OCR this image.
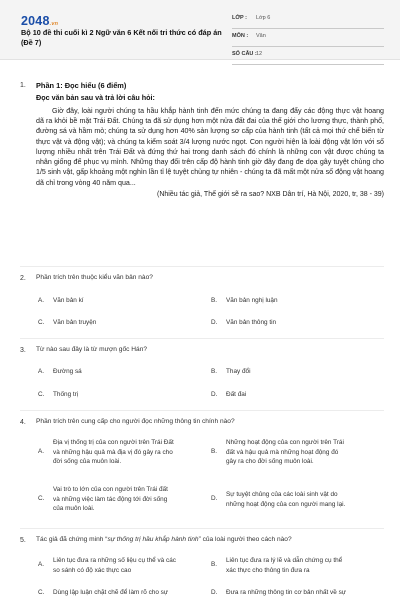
2048.vn
Bộ 10 đề thi cuối kì 2 Ngữ văn 6 Kết nối tri thức có đáp án (Đề 7)
LỚP : Lớp 6
MÔN : Văn
SỐ CÂU : 12
1. Phần 1: Đọc hiểu (6 điểm)
Đọc văn bản sau và trả lời câu hỏi:
Giờ đây, loài người chúng ta hầu khắp hành tinh đến mức chúng ta đang đẩy các động thực vật hoang dã ra khỏi bề mặt Trái Đất. Chúng ta đã sử dụng hơn một nửa đất đai của thế giới cho lương thực, thành phố, đường sá và hầm mỏ; chúng ta sử dụng hơn 40% sản lượng sơ cấp của hành tinh (tất cả mọi thứ chế biến từ thực vật và động vật); và chúng ta kiểm soát 3/4 lượng nước ngọt. Con người hiện là loài động vật lớn với số lượng nhiều nhất trên Trái Đất và đứng thứ hai trong danh sách đó chính là những con vật được chúng ta nhân giống để phục vụ mình. Những thay đổi trên cấp độ hành tinh giờ đây đang đe dọa gây tuyệt chủng cho 1/5 sinh vật, gấp khoảng một nghìn lần tỉ lệ tuyệt chủng tự nhiên - chúng ta đã mất một nửa số động vật hoang dã chỉ trong vòng 40 năm qua...
(Nhiều tác giả, Thế giới sẽ ra sao? NXB Dân trí, Hà Nội, 2020, tr, 38 - 39)
2. Phần trích trên thuộc kiểu văn bản nào?
A. Văn bản kí	B. Văn bản nghị luận
C. Văn bản truyện	D. Văn bản thông tin
3. Từ nào sau đây là từ mượn gốc Hán?
A. Đường sá	B. Thay đổi
C. Thống trị	D. Đất đai
4. Phần trích trên cung cấp cho người đọc những thông tin chính nào?
A.
Địa vị thống trị của con người trên Trái Đất
và những hậu quả mà địa vị đó gây ra cho
đời sống của muôn loài.
B.
Những hoạt động của con người trên Trái
đất và hậu quả mà những hoạt động đó
gây ra cho đời sống muôn loài.
C.
Vai trò to lớn của con người trên Trái đất
và những việc làm tác động tới đời sống
của muôn loài.
D.
Sự tuyệt chủng của các loài sinh vật do
những hoạt động của con người mang lại.
5. Tác giả đã chứng minh “sự thống trị hầu khắp hành tinh” của loài người theo cách nào?
A.
Liên tục đưa ra những số liệu cụ thể và các
so sánh có độ xác thực cao
B.
Liên tục đưa ra lý lẽ và dẫn chứng cụ thể
xác thực cho thông tin đưa ra
C. Dùng lập luận chặt chẽ để làm rõ cho sự	D. Đưa ra những thông tin cơ bản nhất về sự
